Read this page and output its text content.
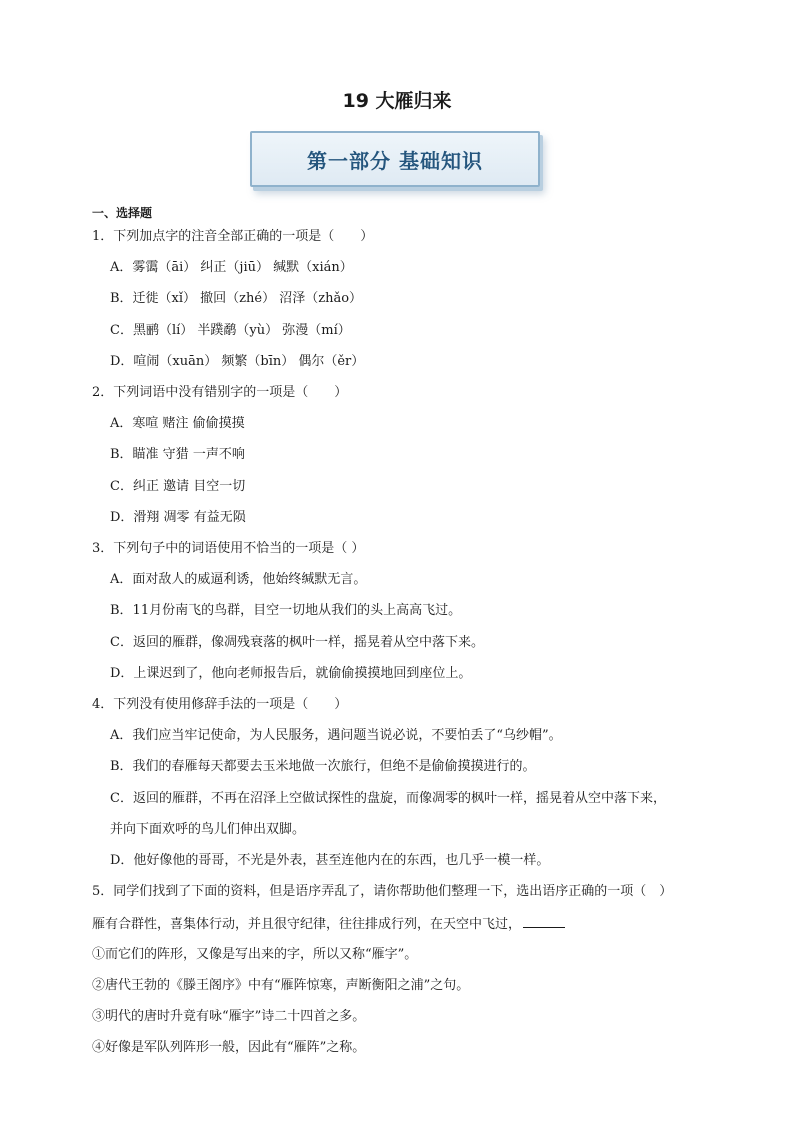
19 大雁归来
第一部分 基础知识
一、选择题
1．下列加点字的注音全部正确的一项是（　　）
A．雾霭（āi） 纠正（jiū） 缄默（xián）
B．迁徙（xǐ） 撤回（zhé） 沼泽（zhǎo）
C．黑鹂（lí） 半蹼鹬（yù） 弥漫（mí）
D．喧闹（xuān） 频繁（bīn） 偶尔（ěr）
2．下列词语中没有错别字的一项是（　　）
A．寒喧 赌注 偷偷摸摸
B．瞄准 守猎 一声不响
C．纠正 邀请 目空一切
D．滑翔 凋零 有益无陨
3．下列句子中的词语使用不恰当的一项是（ ）
A．面对敌人的威逼利诱，他始终缄默无言。
B．11月份南飞的鸟群，目空一切地从我们的头上高高飞过。
C．返回的雁群，像凋残衰落的枫叶一样，摇晃着从空中落下来。
D．上课迟到了，他向老师报告后，就偷偷摸摸地回到座位上。
4．下列没有使用修辞手法的一项是（　　）
A．我们应当牢记使命，为人民服务，遇问题当说必说，不要怕丢了“乌纱帽”。
B．我们的春雁每天都要去玉米地做一次旅行，但绝不是偷偷摸摸进行的。
C．返回的雁群，不再在沼泽上空做试探性的盘旋，而像凋零的枫叶一样，摇晃着从空中落下来，
并向下面欢呼的鸟儿们伸出双脚。
D．他好像他的哥哥，不光是外表，甚至连他内在的东西，也几乎一模一样。
5．同学们找到了下面的资料，但是语序弄乱了，请你帮助他们整理一下，选出语序正确的一项（　）
雁有合群性，喜集体行动，并且很守纪律，往往排成行列，在天空中飞过，
①而它们的阵形，又像是写出来的字，所以又称“雁字”。
②唐代王勃的《滕王阁序》中有“雁阵惊寒，声断衡阳之浦”之句。
③明代的唐时升竟有咏“雁字”诗二十四首之多。
④好像是军队列阵形一般，因此有“雁阵”之称。
